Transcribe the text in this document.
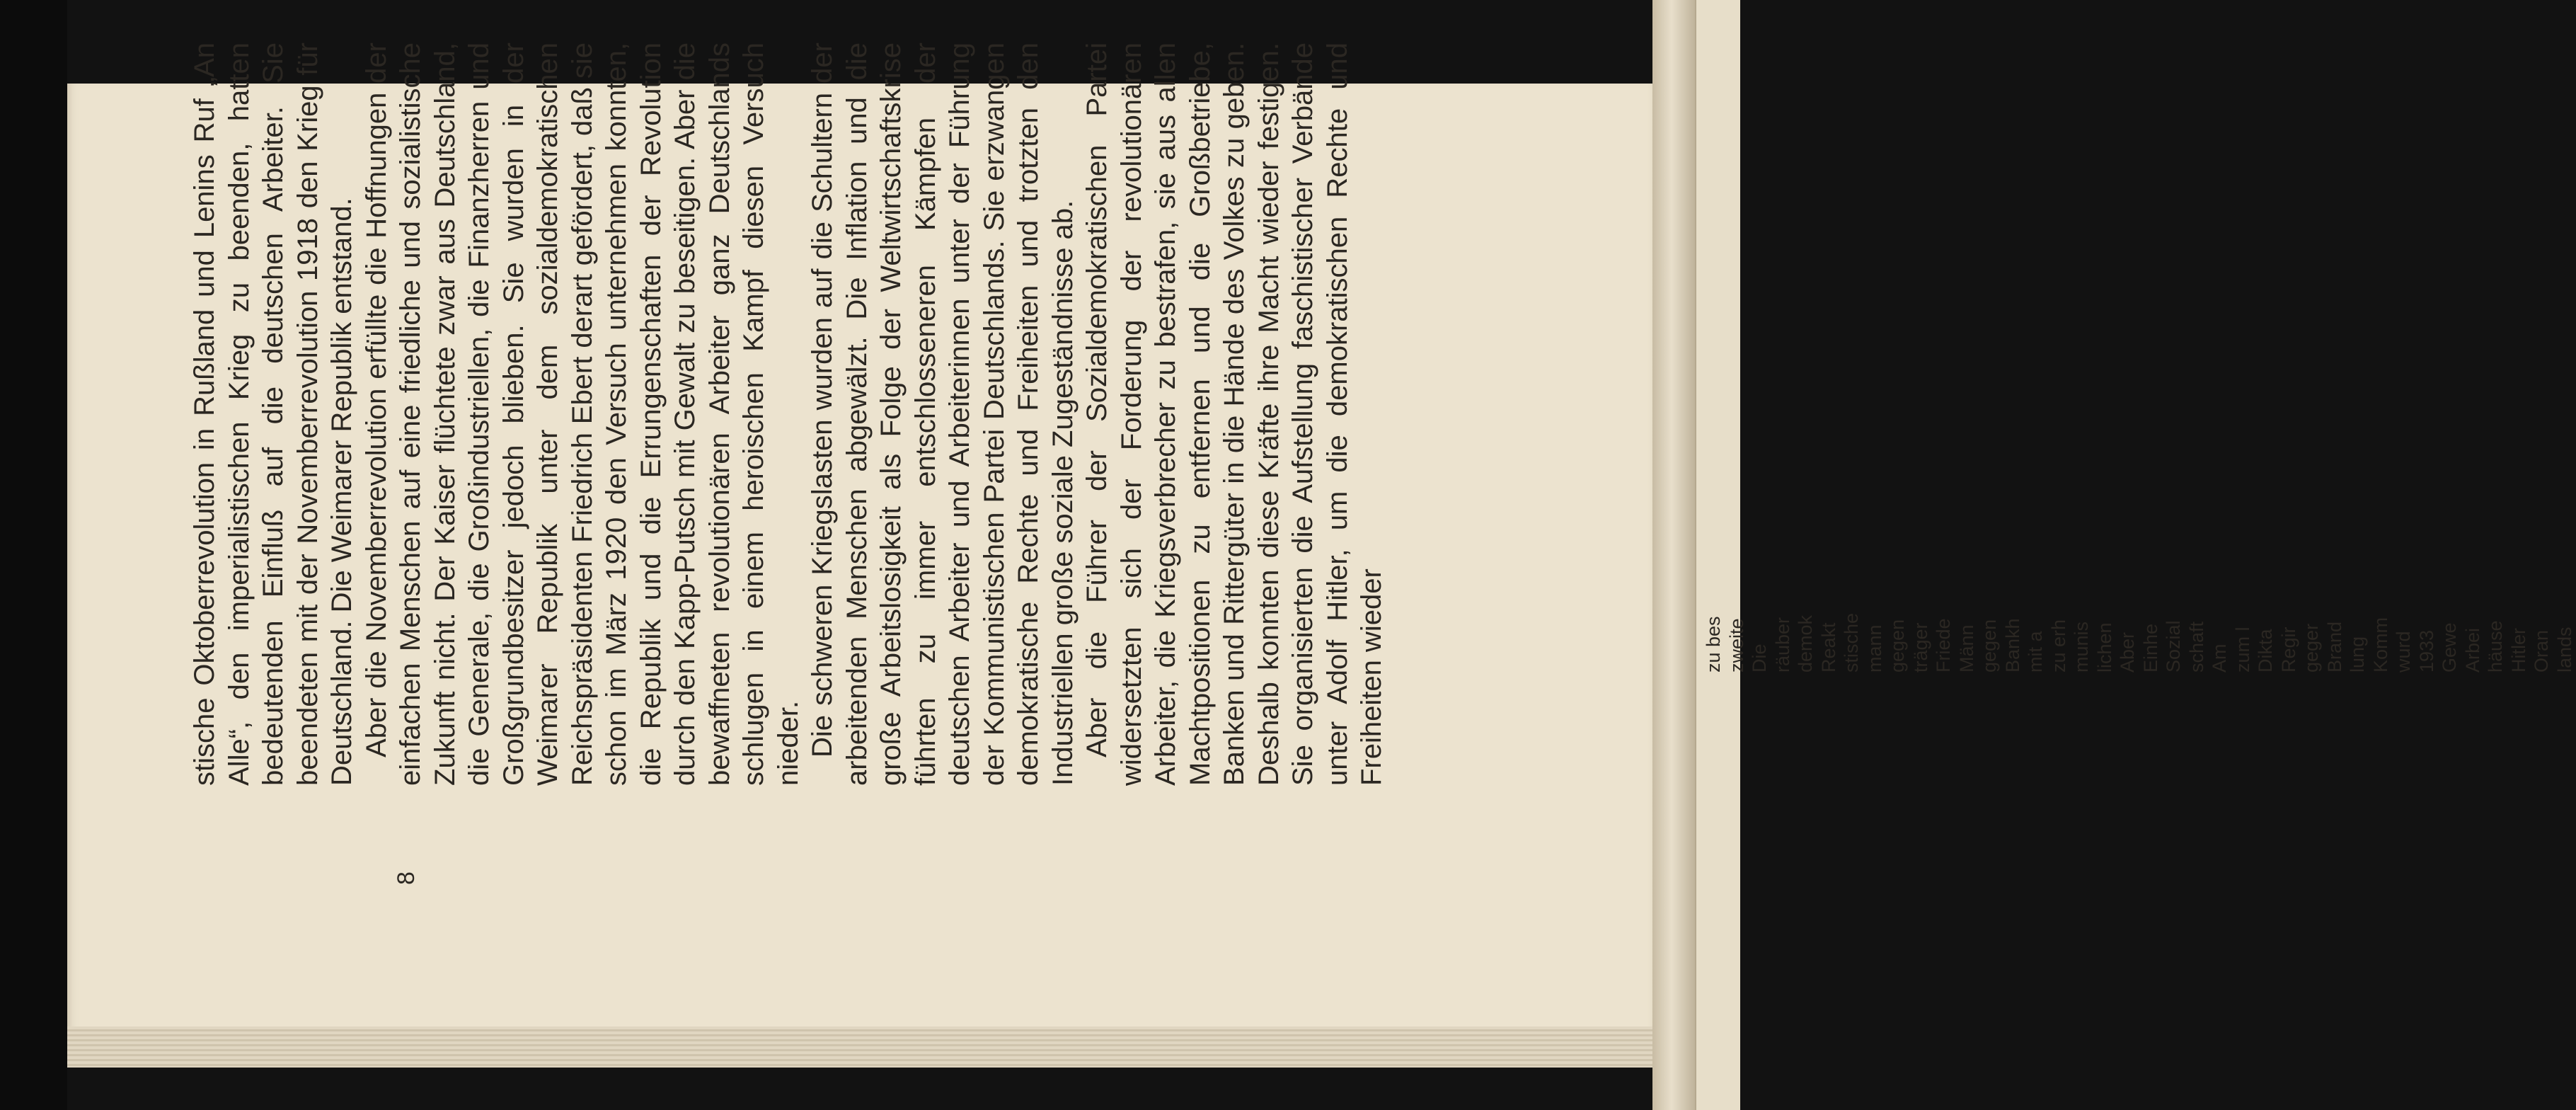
stische Oktoberrevolution in Rußland und Lenins Ruf „An Alle“, den imperialistischen Krieg zu beenden, hatten bedeutenden Einfluß auf die deutschen Arbeiter. Sie beendeten mit der Novemberrevolution 1918 den Krieg für Deutschland. Die Weimarer Republik entstand. Aber die Novemberrevolution erfüllte die Hoffnungen der einfachen Menschen auf eine friedliche und sozialistische Zukunft nicht. Der Kaiser flüchtete zwar aus Deutschland, die Generale, die Großindustriellen, die Finanzherren und Großgrundbesitzer jedoch blieben. Sie wurden in der Weimarer Republik unter dem sozialdemokratischen Reichspräsidenten Friedrich Ebert derart gefördert, daß sie schon im März 1920 den Versuch unternehmen konnten, die Republik und die Errungenschaften der Revolution durch den Kapp-Putsch mit Gewalt zu beseitigen. Aber die bewaffneten revolutionären Arbeiter ganz Deutschlands schlugen in einem heroischen Kampf diesen Versuch nieder. Die schweren Kriegslasten wurden auf die Schultern der arbeitenden Menschen abgewälzt. Die Inflation und die große Arbeitslosigkeit als Folge der Weltwirtschaftskrise führten zu immer entschlosseneren Kämpfen der deutschen Arbeiter und Arbeiterinnen unter der Führung der Kommunistischen Partei Deutschlands. Sie erzwangen demokratische Rechte und Freiheiten und trotzten den Industriellen große soziale Zugeständnisse ab. Aber die Führer der Sozialdemokratischen Partei widersetzten sich der Forderung der revolutionären Arbeiter, die Kriegsverbrecher zu bestrafen, sie aus allen Machtpositionen zu entfernen und die Großbetriebe, Banken und Rittergüter in die Hände des Volkes zu geben. Deshalb konnten diese Kräfte ihre Macht wieder festigen. Sie organisierten die Aufstellung faschistischer Verbände unter Adolf Hitler, um die demokratischen Rechte und Freiheiten wieder

8
zu bes zweite Die räuber demok Reakt stische mann gegen träger Friede Männ gegen Bankh mit a zu erh munis lichen Aber Einhe Sozial schaft Am zum l Dikta Regir geger Brand lung Komm wurd 1933 Gewe Arbei häuse Hitler Oran lands
